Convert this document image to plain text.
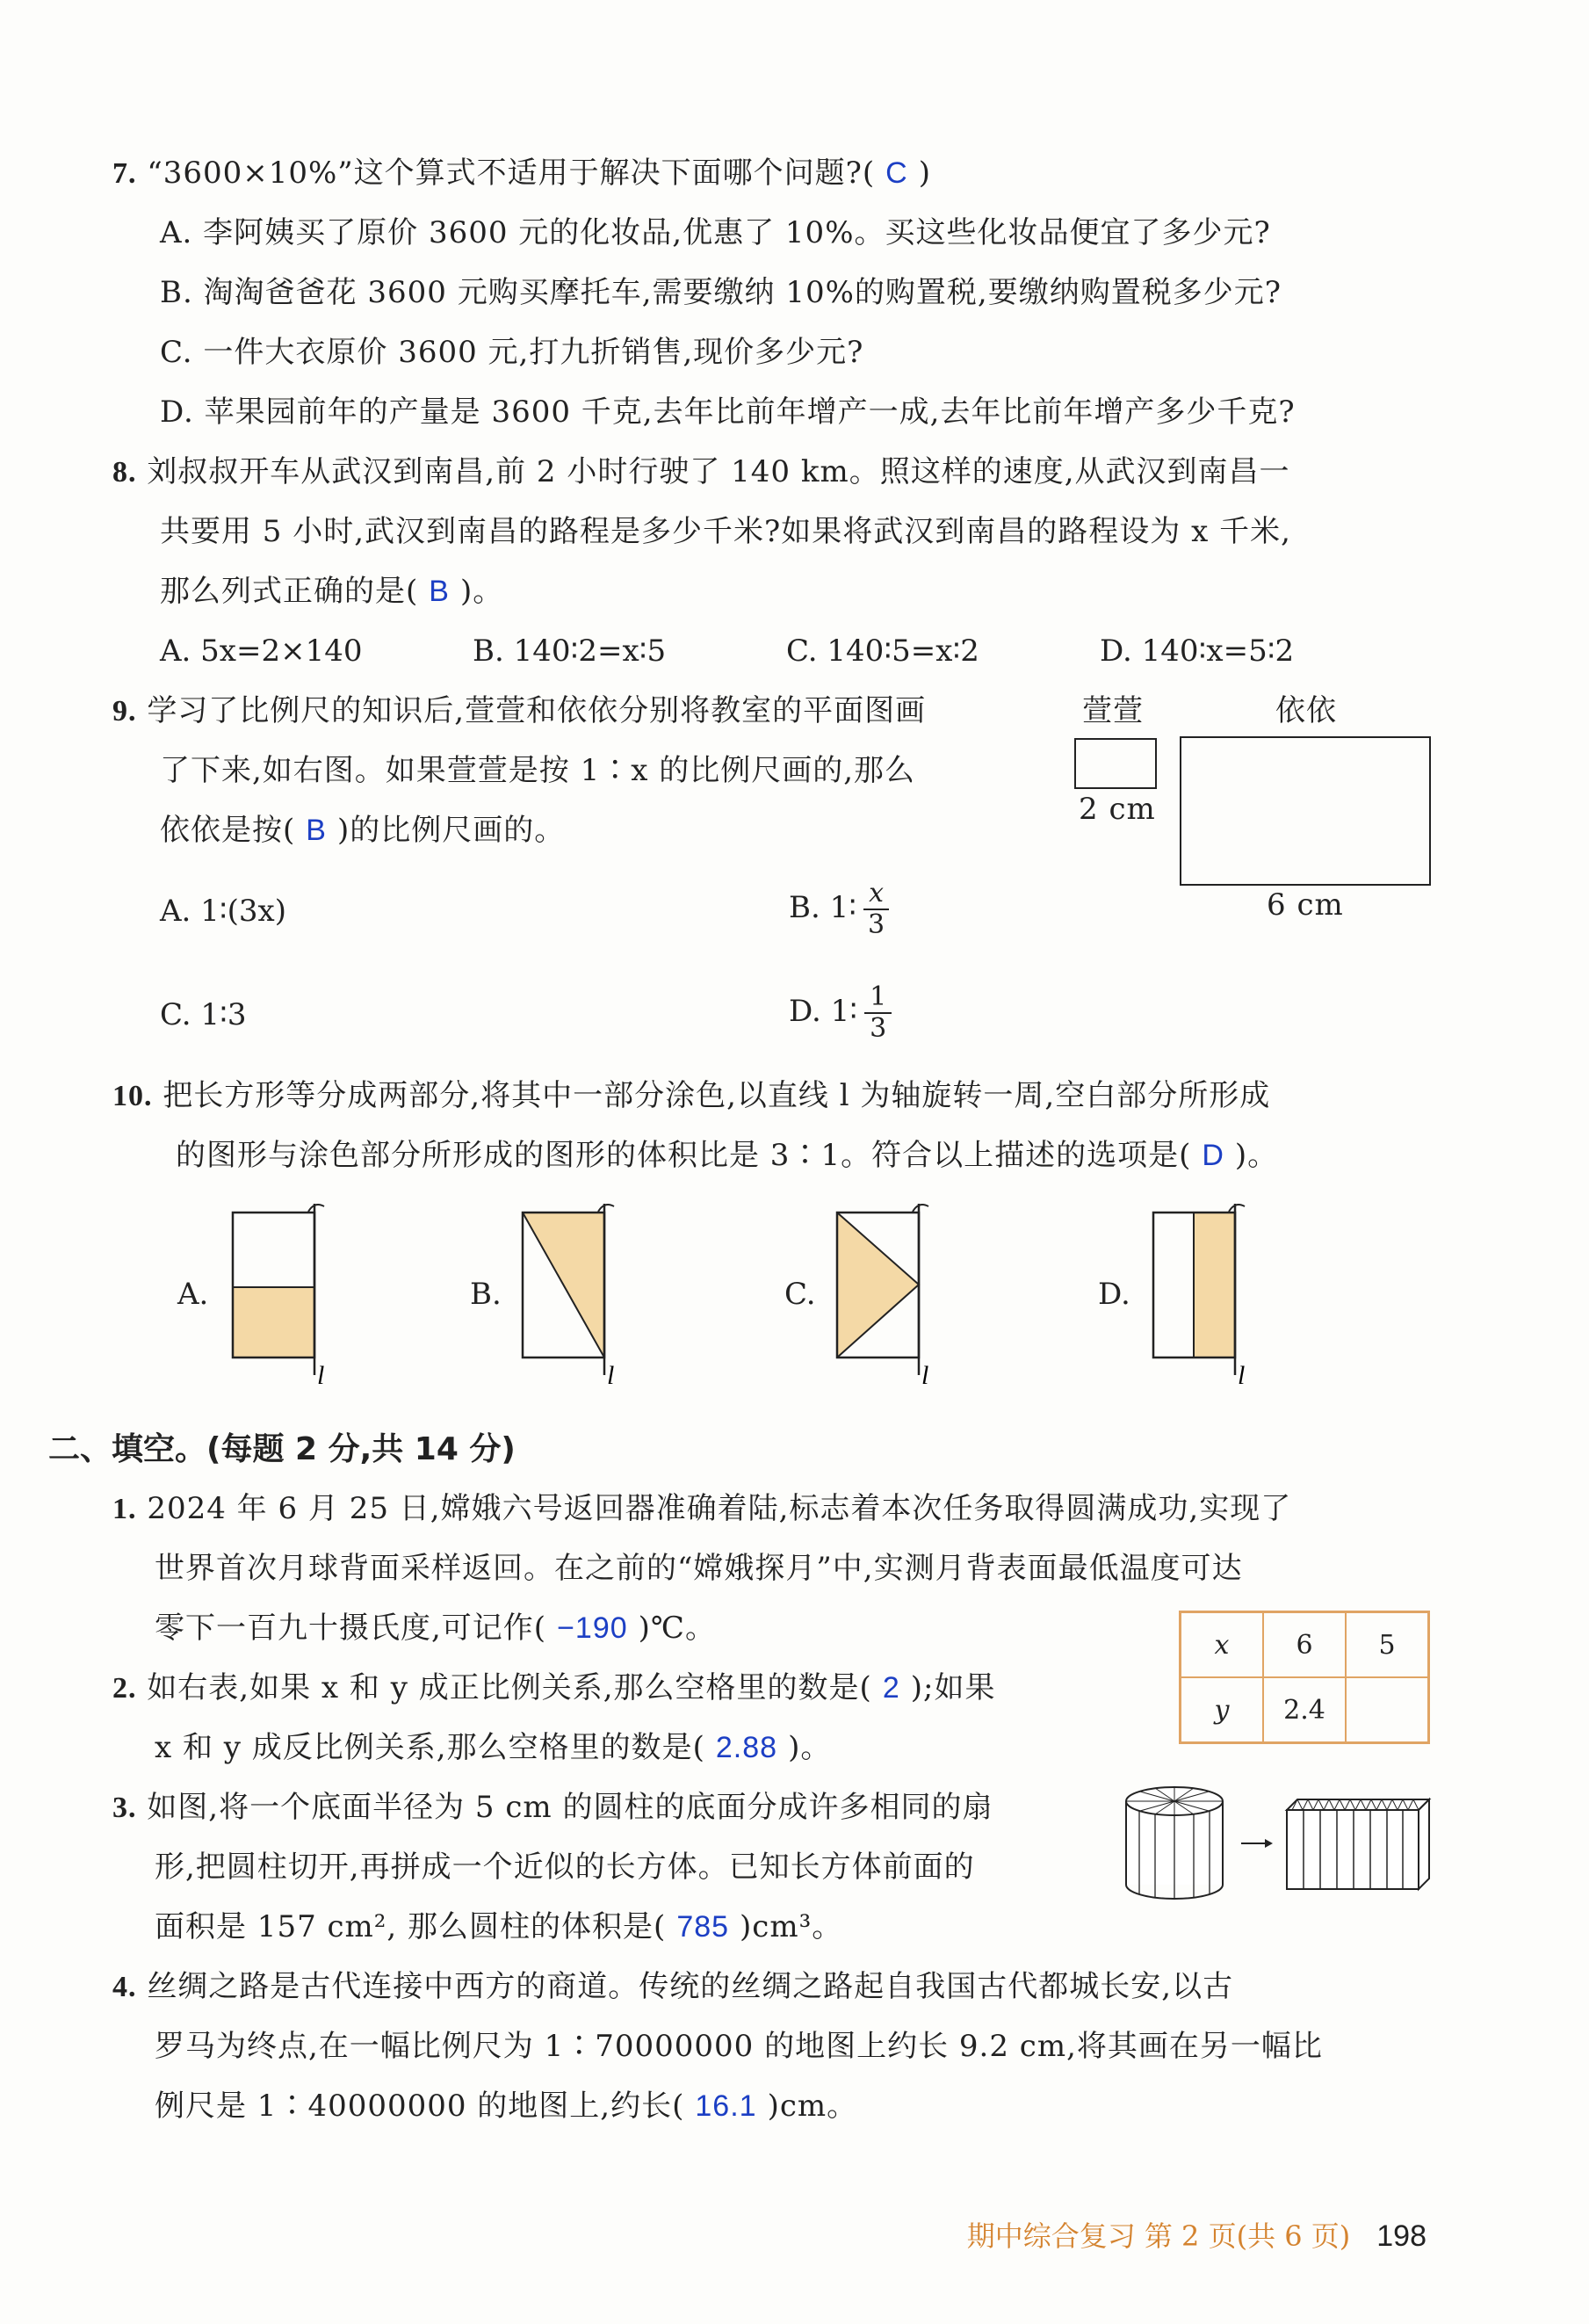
7. “3600×10%”这个算式不适用于解决下面哪个问题?( C )
A. 李阿姨买了原价 3600 元的化妆品,优惠了 10%。买这些化妆品便宜了多少元?
B. 淘淘爸爸花 3600 元购买摩托车,需要缴纳 10%的购置税,要缴纳购置税多少元?
C. 一件大衣原价 3600 元,打九折销售,现价多少元?
D. 苹果园前年的产量是 3600 千克,去年比前年增产一成,去年比前年增产多少千克?
8. 刘叔叔开车从武汉到南昌,前 2 小时行驶了 140 km。照这样的速度,从武汉到南昌一
共要用 5 小时,武汉到南昌的路程是多少千米?如果将武汉到南昌的路程设为 x 千米,
那么列式正确的是( B )。
A. 5x=2×140	B. 140∶2=x∶5	C. 140∶5=x∶2	D. 140∶x=5∶2
9. 学习了比例尺的知识后,萱萱和依依分别将教室的平面图画
了下来,如右图。如果萱萱是按 1∶x 的比例尺画的,那么
依依是按( B )的比例尺画的。
萱萱	依依
2 cm
6 cm
A. 1∶(3x)	B. 1∶ $\frac{x}{3}$
C. 1∶3	D. 1∶ $\frac{1}{3}$
10. 把长方形等分成两部分,将其中一部分涂色,以直线 l 为轴旋转一周,空白部分所形成
的图形与涂色部分所形成的图形的体积比是 3∶1。符合以上描述的选项是( D )。
A.
l
B.
l
C.
l
D.
l
二、填空。(每题 2 分,共 14 分)
1. 2024 年 6 月 25 日,嫦娥六号返回器准确着陆,标志着本次任务取得圆满成功,实现了
世界首次月球背面采样返回。在之前的“嫦娥探月”中,实测月背表面最低温度可达
零下一百九十摄氏度,可记作( −190 )℃。
2. 如右表,如果 x 和 y 成正比例关系,那么空格里的数是( 2 );如果
x 和 y 成反比例关系,那么空格里的数是( 2.88 )。
x	6	5
y	2.4	
3. 如图,将一个底面半径为 5 cm 的圆柱的底面分成许多相同的扇
形,把圆柱切开,再拼成一个近似的长方体。已知长方体前面的
面积是 157 cm², 那么圆柱的体积是( 785 )cm³。
4. 丝绸之路是古代连接中西方的商道。传统的丝绸之路起自我国古代都城长安,以古
罗马为终点,在一幅比例尺为 1∶70000000 的地图上约长 9.2 cm,将其画在另一幅比
例尺是 1∶40000000 的地图上,约长( 16.1 )cm。
期中综合复习 第 2 页(共 6 页) 198
